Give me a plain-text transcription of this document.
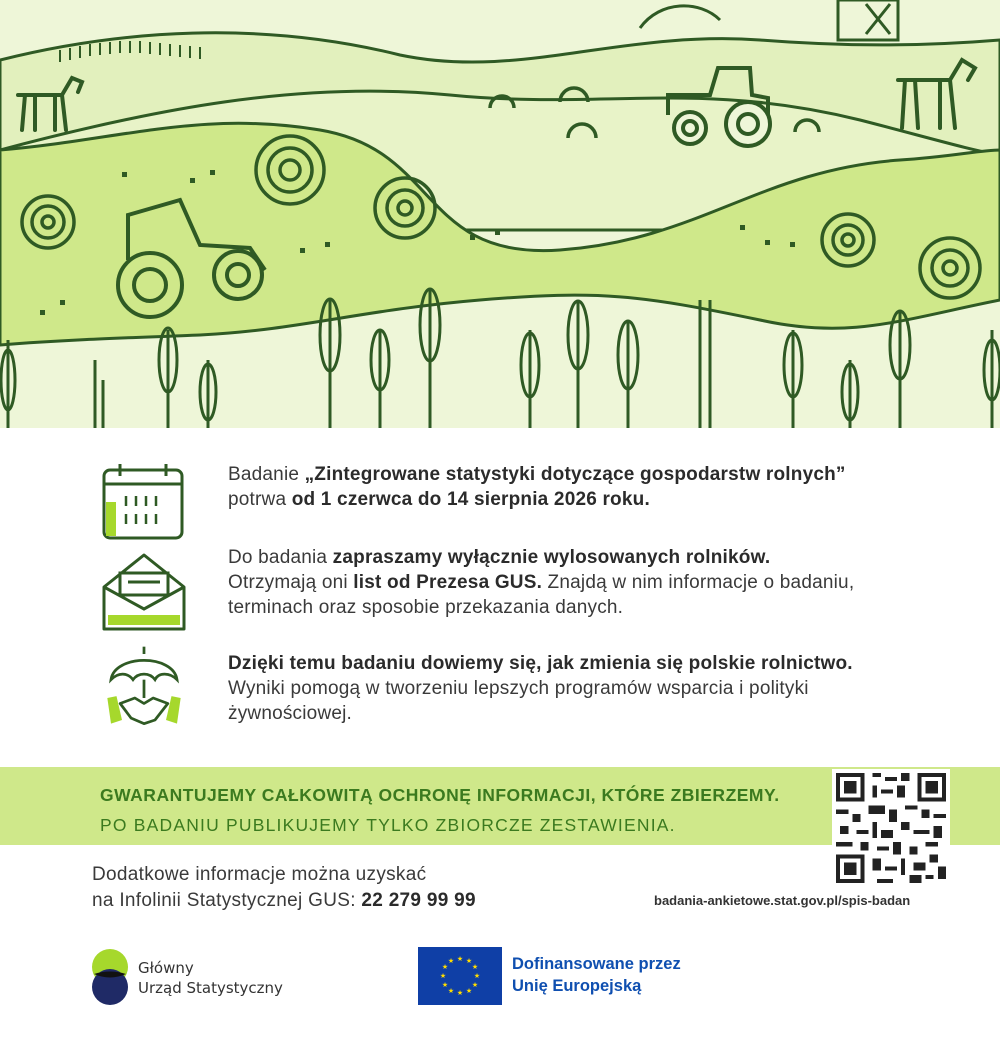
Badanie „Zintegrowane statystyki dotyczące gospodarstw rolnych”
potrwa od 1 czerwca do 14 sierpnia 2026 roku.
Do badania zapraszamy wyłącznie wylosowanych rolników.
Otrzymają oni list od Prezesa GUS. Znajdą w nim informacje o badaniu,
terminach oraz sposobie przekazania danych.
Dzięki temu badaniu dowiemy się, jak zmienia się polskie rolnictwo.
Wyniki pomogą w tworzeniu lepszych programów wsparcia i polityki
żywnościowej.
GWARANTUJEMY CAŁKOWITĄ OCHRONĘ INFORMACJI, KTÓRE ZBIERZEMY.
PO BADANIU PUBLIKUJEMY TYLKO ZBIORCZE ZESTAWIENIA.
Dodatkowe informacje można uzyskać
na Infolinii Statystycznej GUS: 22 279 99 99	badania-ankietowe.stat.gov.pl/spis-badan
Główny
Urząd Statystyczny
★ ★
★
★
★
★
★
★
★
★
★
★	Dofinansowane przez
Unię Europejską
